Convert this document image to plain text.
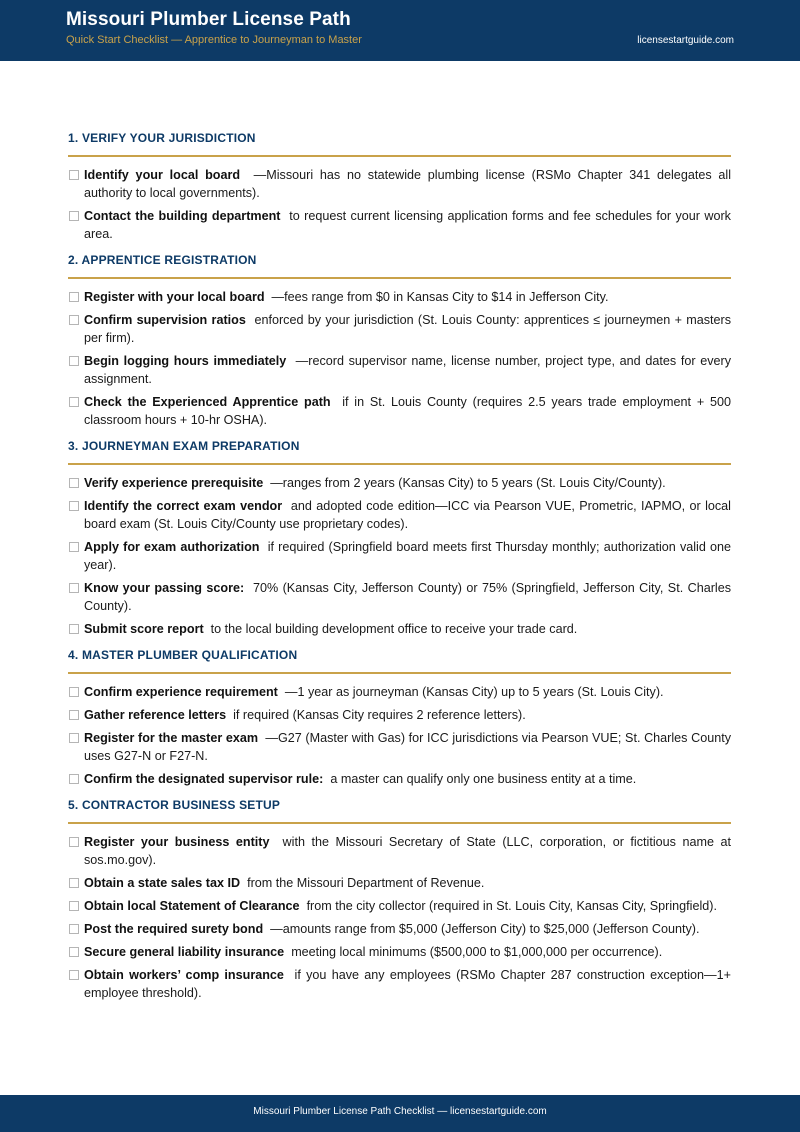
Missouri Plumber License Path
Quick Start Checklist — Apprentice to Journeyman to Master	licensestartguide.com
1. VERIFY YOUR JURISDICTION
Identify your local board —Missouri has no statewide plumbing license (RSMo Chapter 341 delegates all authority to local governments).
Contact the building department to request current licensing application forms and fee schedules for your work area.
2. APPRENTICE REGISTRATION
Register with your local board —fees range from $0 in Kansas City to $14 in Jefferson City.
Confirm supervision ratios enforced by your jurisdiction (St. Louis County: apprentices ≤ journeymen + masters per firm).
Begin logging hours immediately —record supervisor name, license number, project type, and dates for every assignment.
Check the Experienced Apprentice path if in St. Louis County (requires 2.5 years trade employment + 500 classroom hours + 10-hr OSHA).
3. JOURNEYMAN EXAM PREPARATION
Verify experience prerequisite —ranges from 2 years (Kansas City) to 5 years (St. Louis City/County).
Identify the correct exam vendor and adopted code edition—ICC via Pearson VUE, Prometric, IAPMO, or local board exam (St. Louis City/County use proprietary codes).
Apply for exam authorization if required (Springfield board meets first Thursday monthly; authorization valid one year).
Know your passing score: 70% (Kansas City, Jefferson County) or 75% (Springfield, Jefferson City, St. Charles County).
Submit score report to the local building development office to receive your trade card.
4. MASTER PLUMBER QUALIFICATION
Confirm experience requirement —1 year as journeyman (Kansas City) up to 5 years (St. Louis City).
Gather reference letters if required (Kansas City requires 2 reference letters).
Register for the master exam —G27 (Master with Gas) for ICC jurisdictions via Pearson VUE; St. Charles County uses G27-N or F27-N.
Confirm the designated supervisor rule: a master can qualify only one business entity at a time.
5. CONTRACTOR BUSINESS SETUP
Register your business entity with the Missouri Secretary of State (LLC, corporation, or fictitious name at sos.mo.gov).
Obtain a state sales tax ID from the Missouri Department of Revenue.
Obtain local Statement of Clearance from the city collector (required in St. Louis City, Kansas City, Springfield).
Post the required surety bond —amounts range from $5,000 (Jefferson City) to $25,000 (Jefferson County).
Secure general liability insurance meeting local minimums ($500,000 to $1,000,000 per occurrence).
Obtain workers’ comp insurance if you have any employees (RSMo Chapter 287 construction exception—1+ employee threshold).
Missouri Plumber License Path Checklist — licensestartguide.com
